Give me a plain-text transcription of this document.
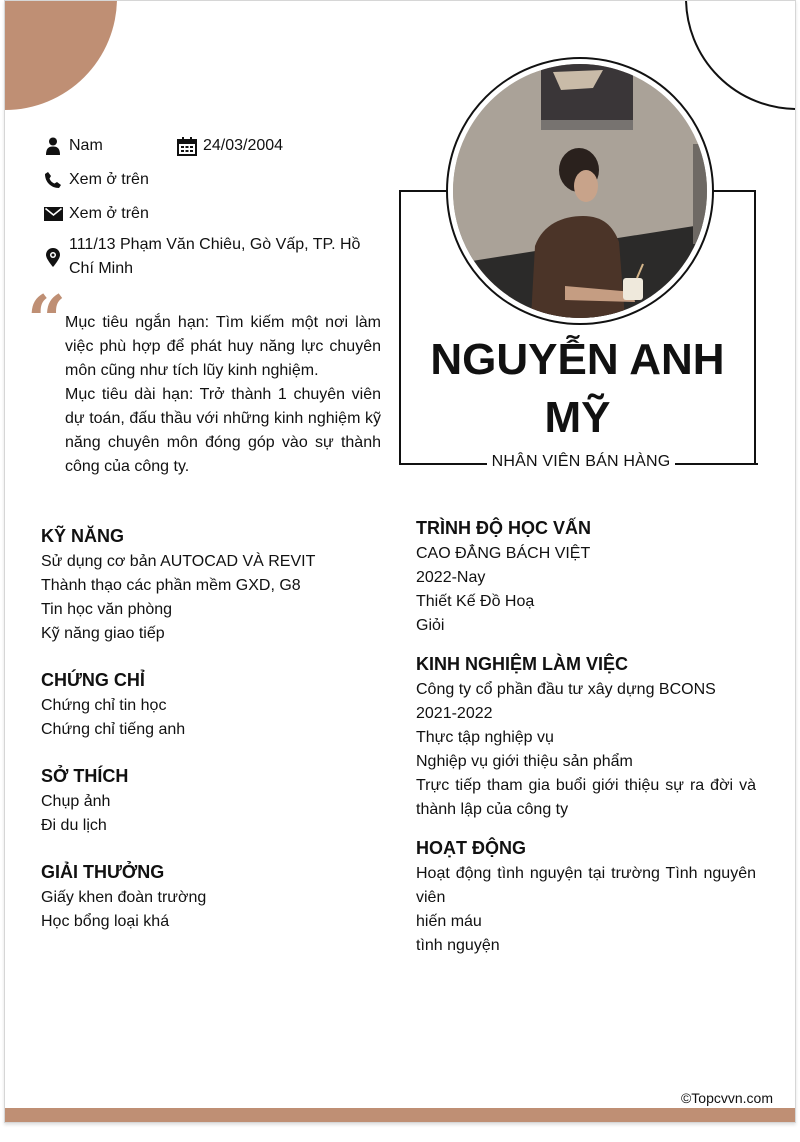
Nam	24/03/2004
Xem ở trên
Xem ở trên
111/13 Phạm Văn Chiêu, Gò Vấp, TP. Hồ Chí Minh
“

Mục tiêu ngắn hạn: Tìm kiếm một nơi làm việc phù hợp để phát huy năng lực chuyên môn cũng như tích lũy kinh nghiệm.

Mục tiêu dài hạn: Trở thành 1 chuyên viên dự toán, đấu thầu với những kinh nghiệm kỹ năng chuyên môn đóng góp vào sự thành công của công ty.

NGUYỄN ANH MỸ
NHÂN VIÊN BÁN HÀNG
KỸ NĂNG
Sử dụng cơ bản AUTOCAD VÀ REVIT
Thành thạo các phần mềm GXD, G8
Tin học văn phòng
Kỹ năng giao tiếp
CHỨNG CHỈ
Chứng chỉ tin học
Chứng chỉ tiếng anh
SỞ THÍCH
Chụp ảnh
Đi du lịch
GIẢI THƯỞNG
Giấy khen đoàn trường
Học bổng loại khá
TRÌNH ĐỘ HỌC VẤN
CAO ĐẲNG BÁCH VIỆT
2022-Nay
Thiết Kế Đồ Hoạ
Giỏi
KINH NGHIỆM LÀM VIỆC
Công ty cổ phần đầu tư xây dựng BCONS
2021-2022
Thực tập nghiệp vụ
Nghiệp vụ giới thiệu sản phẩm
Trực tiếp tham gia buổi giới thiệu sự ra đời và thành lập của công ty
HOẠT ĐỘNG
Hoạt động tình nguyện tại trường Tình nguyên viên
hiến máu
tình nguyện
©Topcvvn.com
